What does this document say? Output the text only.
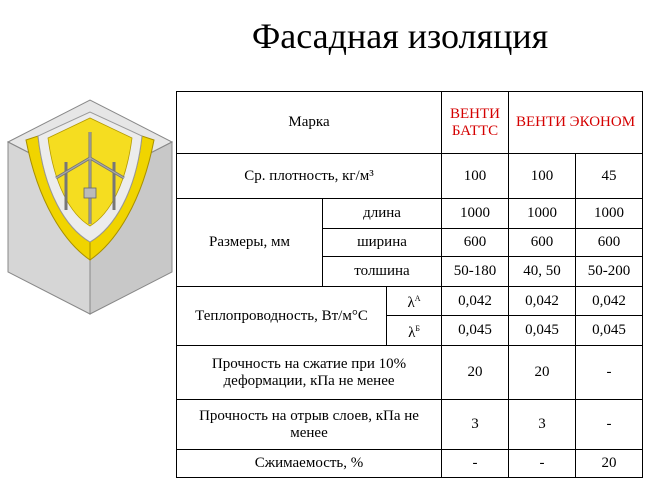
Фасадная изоляция
Марка			ВЕНТИ БАТТС	ВЕНТИ ЭКОНОМ	
Ср. плотность, кг/м³			100	100	45
Размеры, мм	длина		1000	1000	1000
	ширина		600	600	600
	толшина		50-180	40, 50	50-200
Теплопроводность, Вт/м°С		$\lambda^А$	0,042	0,042	0,042
		$\lambda^Б$	0,045	0,045	0,045
Прочность на сжатие при 10% деформации, кПа не менее			20	20	-
Прочность на отрыв слоев, кПа не менее			3	3	-
Сжимаемость, %			-	-	20
